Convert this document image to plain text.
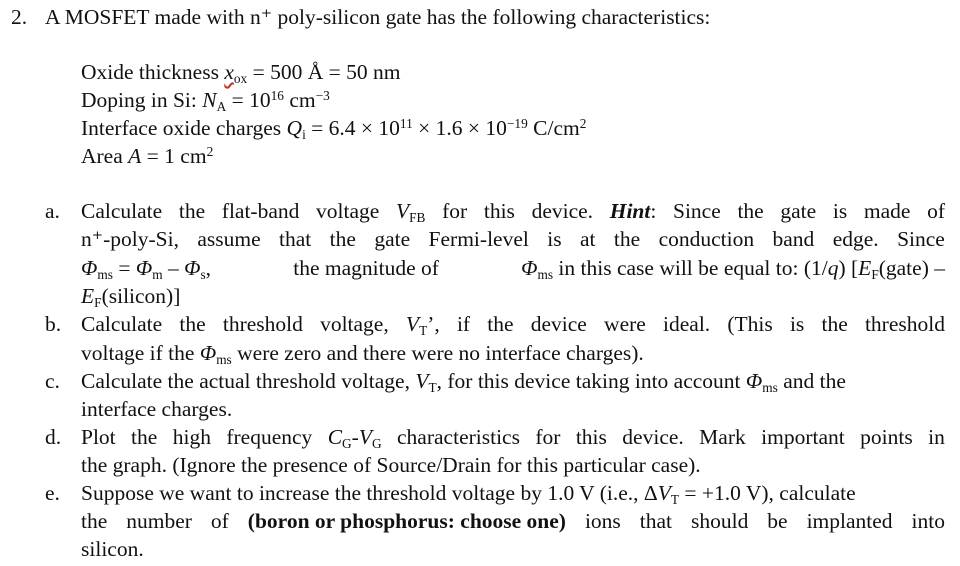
2. A MOSFET made with n⁺ poly-silicon gate has the following characteristics:
Oxide thickness $x_{ox} = 500$ Å = 50 nm
Doping in Si: $N_A = 10^{16}$ $cm^{-3}$
Interface oxide charges $Q_i = 6.4 \times 10^{11} \times 1.6 \times 10^{-19}$ $C/cm^2$
Area A = 1 $cm^2$
a. Calculate the flat-band voltage $V_{FB}$ for this device. Hint: Since the gate is made of
n⁺-poly-Si, assume that the gate Fermi-level is at the conduction band edge. Since
$\Phi_{ms} = \Phi_m - \Phi_s$,	the magnitude of	$\Phi_{ms}$ in this case will be equal to: (1/q) [$E_F(gate)$ –
$E_F(silicon)$]
b. Calculate the threshold voltage, $V_T$’, if the device were ideal. (This is the threshold
voltage if the $\Phi_{ms}$ were zero and there were no interface charges).
c. Calculate the actual threshold voltage, $V_T$, for this device taking into account $\Phi_{ms}$ and the
interface charges.
d. Plot the high frequency $C_G-V_G$ characteristics for this device. Mark important points in
the graph. (Ignore the presence of Source/Drain for this particular case).
e. Suppose we want to increase the threshold voltage by 1.0 V (i.e., $\Delta V_T = +1.0$ V), calculate
the number of (boron or phosphorus: choose one) ions that should be implanted into
silicon.
